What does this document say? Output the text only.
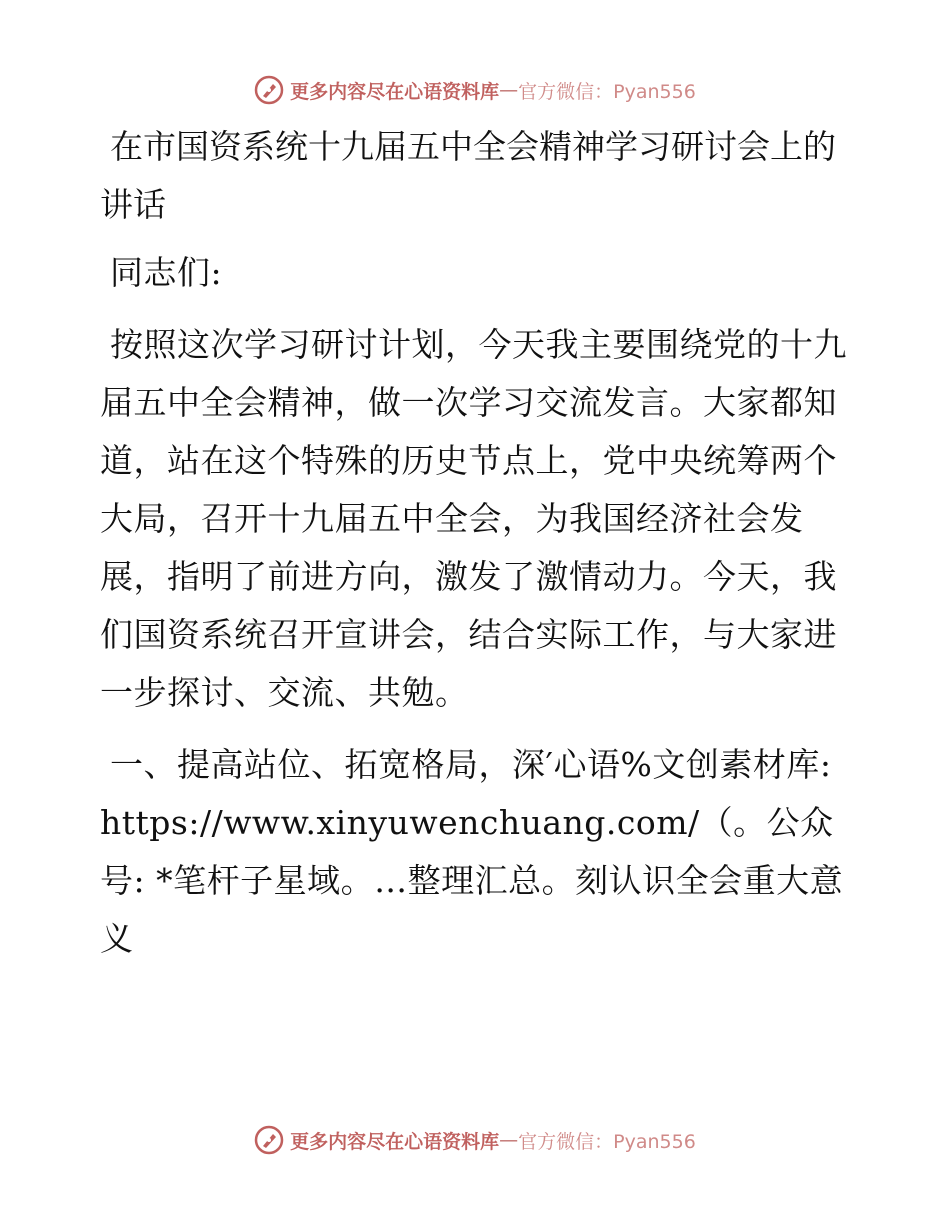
更多内容尽在心语资料库 — 官方微信：Pyan556
在市国资系统十九届五中全会精神学习研讨会上的讲话

同志们:

按照这次学习研讨计划，今天我主要围绕党的十九届五中全会精神，做一次学习交流发言。大家都知道，站在这个特殊的历史节点上，党中央统筹两个大局，召开十九届五中全会，为我国经济社会发展，指明了前进方向，激发了激情动力。今天，我们国资系统召开宣讲会，结合实际工作，与大家进一步探讨、交流、共勉。

一、提高站位、拓宽格局，深′心语%文创素材库: https://www.xinyuwenchuang.com/（。公众号: *笔杆子星域。…整理汇总。刻认识全会重大意义

更多内容尽在心语资料库 — 官方微信：Pyan556
